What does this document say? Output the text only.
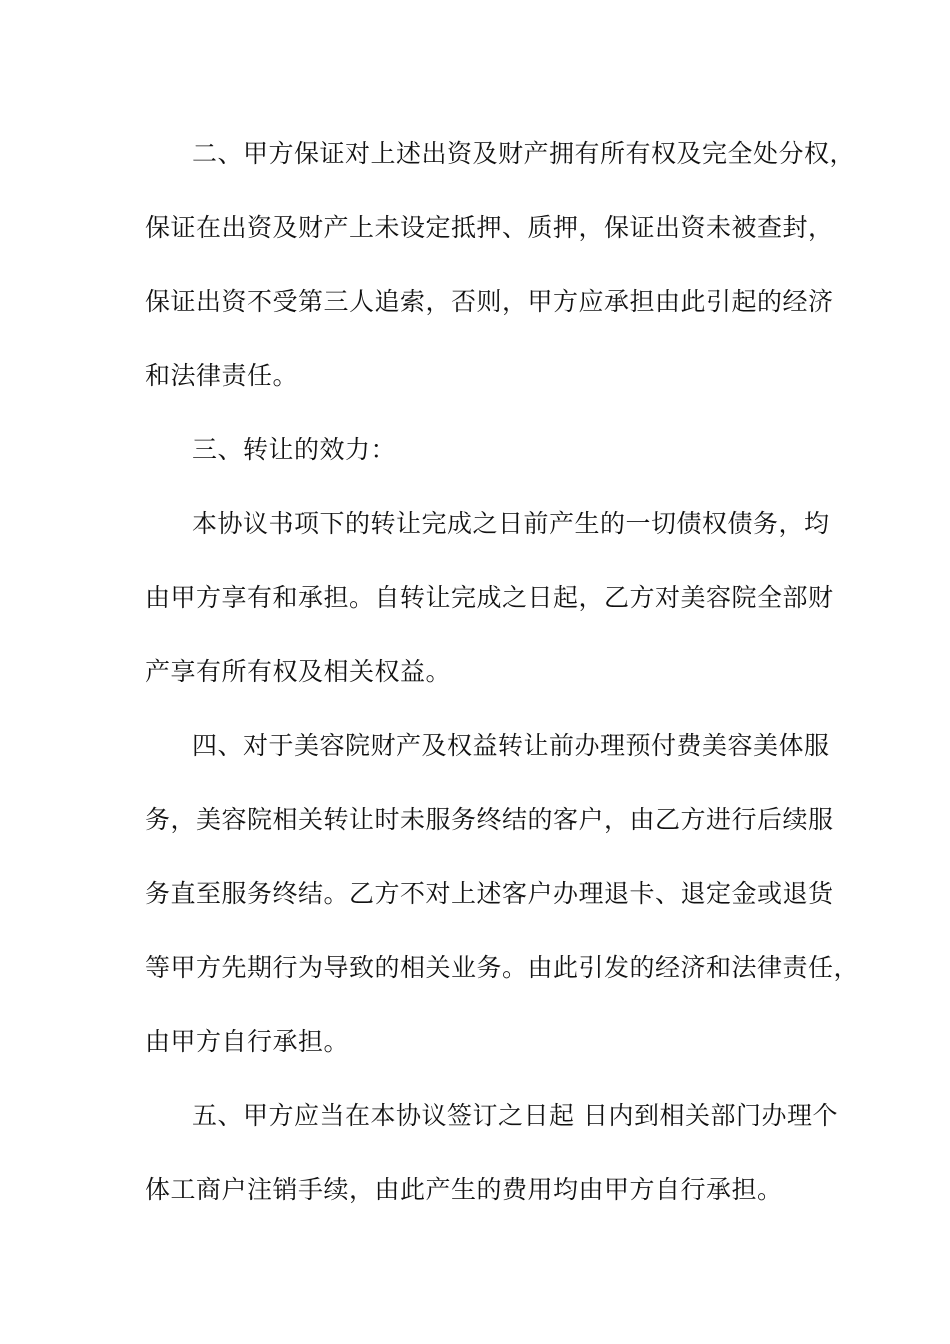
二、甲方保证对上述出资及财产拥有所有权及完全处分权，
保证在出资及财产上未设定抵押、质押，保证出资未被查封，
保证出资不受第三人追索，否则，甲方应承担由此引起的经济
和法律责任。
三、转让的效力：
本协议书项下的转让完成之日前产生的一切债权债务，均
由甲方享有和承担。自转让完成之日起，乙方对美容院全部财
产享有所有权及相关权益。
四、对于美容院财产及权益转让前办理预付费美容美体服
务，美容院相关转让时未服务终结的客户，由乙方进行后续服
务直至服务终结。乙方不对上述客户办理退卡、退定金或退货
等甲方先期行为导致的相关业务。由此引发的经济和法律责任，
由甲方自行承担。
五、甲方应当在本协议签订之日起 日内到相关部门办理个
体工商户注销手续，由此产生的费用均由甲方自行承担。
